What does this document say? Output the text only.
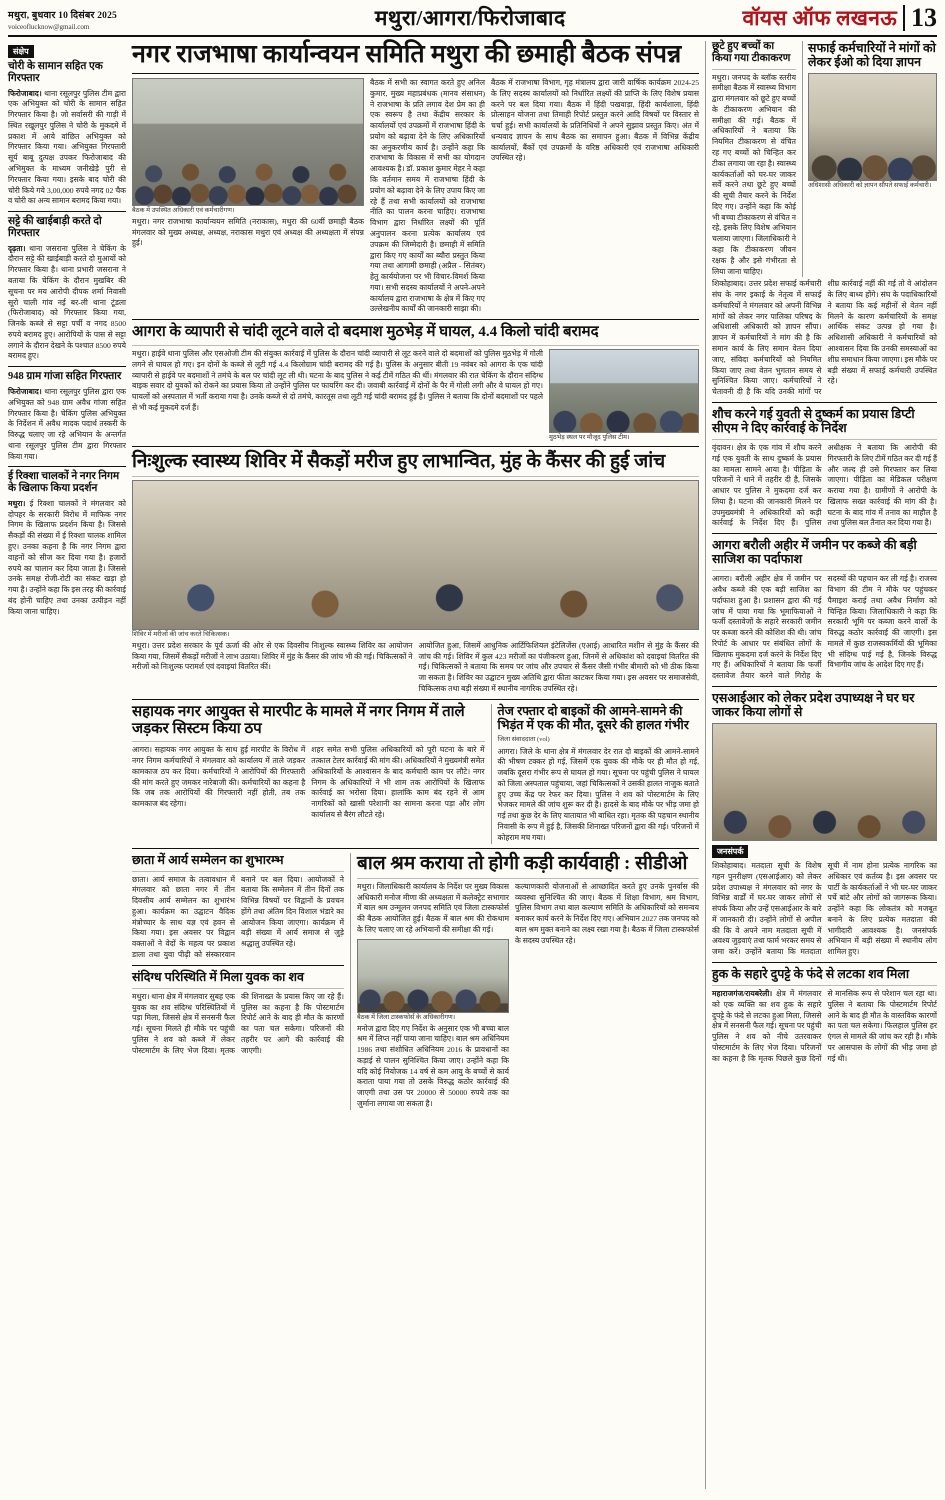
मथुरा, बुधवार 10 दिसंबर 2025
voiceoflucknow@gmail.com	मथुरा/आगरा/फिरोजाबाद	वॉयस ऑफ लखनऊ 13
संक्षेप
चोरी के सामान सहित एक गिरफ्तार
फिरोजाबाद। थाना रसूलपुर पुलिस टीम द्वारा एक अभियुक्त को चोरी के सामान सहित गिरफ्तार किया है। जो सर्वासरी की गाड़ी में स्थित रखूलपुर पुलिस ने चोरी के मुकदमे में प्रकाश में आये वांछित अभियुक्त को गिरफ्तार किया गया। अभियुक्त गिरफ्तारी सूर्य बाबू दुत्पक्ष उपकर फिरोजाबाद की अभिमुक्त के माध्यम जनीखेड़े पुरी से गिरफ्तार किया गया। इसके बाद चोरी की चोरी किये गये 3,00,000 रुपये नगद 02 चैक व चोरी का अन्य सामान बरामद किया गया।
सट्टे की खाईबाड़ी करते दो गिरफ्तार
दृढ़ता। थाना जसराना पुलिस ने चेकिंग के दौरान सट्टे की खाईबाड़ी करते दो मुआयों को गिरफ्तार किया है। थाना प्रभारी जसराना ने बताया कि चेकिंग के दौरान मुखबिर की सूचना पर मय आरोपी दीपक शर्मा निवासी सूरो चाली गांव नई बर-ली थाना टूंडला (फिरोजाबाद) को गिरफ्तार किया गया, जिनके कब्जे से सट्टा पर्ची व नगद 8500 रुपये बरामद हुए। आरोपियों के पास से सट्टा लगाने के दौरान देखने के पश्चात 8500 रुपये बरामद हुए।
948 ग्राम गांजा सहित गिरफ्तार
फिरोजाबाद। थाना रसूलपुर पुलिस द्वारा एक अभियुक्त को 948 ग्राम अवैध गांजा सहित गिरफ्तार किया है। चेकिंग पुलिस अभियुक्त के निर्देशन में अवैध मादक पदार्थ तस्करी के विरुद्ध चलाए जा रहे अभियान के अन्तर्गत थाना रसूलपुर पुलिस टीम द्वारा गिरफ्तार किया गया।
ई रिक्शा चालकों ने नगर निगम के खिलाफ किया प्रदर्शन
मथुरा। ई रिक्शा चालकों ने मंगलवार को दोपहर के सरकारी विरोध में माफिक नगर निगम के खिलाफ प्रदर्शन किया है। जिससे सैकड़ों की संख्या में ई रिक्शा चालक शामिल हुए। उनका कहना है कि नगर निगम द्वारा वाहनों को सीज कर दिया गया है। हजारों रुपये का चालान कर दिया जाता है। जिससे उनके समक्ष रोजी-रोटी का संकट खड़ा हो गया है। उन्होंने कहा कि इस तरह की कार्रवाई बंद होनी चाहिए तथा उनका उत्पीड़न नहीं किया जाना चाहिए।
नगर राजभाषा कार्यान्वयन समिति मथुरा की छमाही बैठक संपन्न
बैठक में उपस्थित अधिकारी एवं कर्मचारीगण।
मथुरा। नगर राजभाषा कार्यान्वयन समिति (नराकास), मथुरा की 60वीं छमाही बैठक मंगलवार को मुख्य अध्यक्ष, अध्यक्ष, नराकास मथुरा एवं अध्यक्ष की अध्यक्षता में संपन्न हुई।
बैठक में सभी का स्वागत करते हुए अनिल कुमार, मुख्य महाप्रबंधक (मानव संसाधन) ने राजभाषा के प्रति लगाव देश प्रेम का ही एक स्वरूप है तथा केंद्रीय सरकार के कार्यालयों एवं उपक्रमों में राजभाषा हिंदी के प्रयोग को बढ़ावा देने के लिए अधिकारियों का अनुकरणीय कार्य है। उन्होंने कहा कि राजभाषा के विकास में सभी का योगदान आवश्यक है। डॉ. प्रकाश कुमार मेहर ने कहा कि वर्तमान समय में राजभाषा हिंदी के प्रयोग को बढ़ावा देने के लिए उपाय किए जा रहे हैं तथा सभी कार्यालयों को राजभाषा नीति का पालन करना चाहिए। राजभाषा विभाग द्वारा निर्धारित लक्ष्यों की पूर्ति अनुपालन करना प्रत्येक कार्यालय एवं उपक्रम की जिम्मेदारी है। छमाही में समिति द्वारा किए गए कार्यों का ब्यौरा प्रस्तुत किया गया तथा आगामी छमाही (अप्रैल - सितंबर) हेतु कार्ययोजना पर भी विचार-विमर्श किया गया। सभी सदस्य कार्यालयों ने अपने-अपने कार्यालय द्वारा राजभाषा के क्षेत्र में किए गए उल्लेखनीय कार्यों की जानकारी साझा की।
बैठक में राजभाषा विभाग, गृह मंत्रालय द्वारा जारी वार्षिक कार्यक्रम 2024-25 के लिए सदस्य कार्यालयों को निर्धारित लक्ष्यों की प्राप्ति के लिए विशेष प्रयास करने पर बल दिया गया। बैठक में हिंदी पखवाड़ा, हिंदी कार्यशाला, हिंदी प्रोत्साहन योजना तथा तिमाही रिपोर्ट प्रस्तुत करने आदि विषयों पर विस्तार से चर्चा हुई। सभी कार्यालयों के प्रतिनिधियों ने अपने सुझाव प्रस्तुत किए। अंत में धन्यवाद ज्ञापन के साथ बैठक का समापन हुआ। बैठक में विभिन्न केंद्रीय कार्यालयों, बैंकों एवं उपक्रमों के वरिष्ठ अधिकारी एवं राजभाषा अधिकारी उपस्थित रहे।
आगरा के व्यापारी से चांदी लूटने वाले दो बदमाश मुठभेड़ में घायल, 4.4 किलो चांदी बरामद
मथुरा। हाईवे थाना पुलिस और एसओजी टीम की संयुक्त कार्रवाई में पुलिस के दौरान चांदी व्यापारी से लूट करने वाले दो बदमाशों को पुलिस मुठभेड़ में गोली लगने से घायल हो गए। इन दोनों के कब्जे से लूटी गई 4.4 किलोग्राम चांदी बरामद की गई है। पुलिस के अनुसार बीती 19 नवंबर को आगरा के एक चांदी व्यापारी से हाईवे पर बदमाशों ने तमंचे के बल पर चांदी लूट ली थी। घटना के बाद पुलिस ने कई टीमें गठित की थीं। मंगलवार की रात चेकिंग के दौरान संदिग्ध बाइक सवार दो युवकों को रोकने का प्रयास किया तो उन्होंने पुलिस पर फायरिंग कर दी। जवाबी कार्रवाई में दोनों के पैर में गोली लगी और वे घायल हो गए। घायलों को अस्पताल में भर्ती कराया गया है। उनके कब्जे से दो तमंचे, कारतूस तथा लूटी गई चांदी बरामद हुई है। पुलिस ने बताया कि दोनों बदमाशों पर पहले से भी कई मुकदमे दर्ज हैं।
मुठभेड़ स्थल पर मौजूद पुलिस टीम।
निःशुल्क स्वास्थ्य शिविर में सैकड़ों मरीज हुए लाभान्वित, मुंह के कैंसर की हुई जांच
शिविर में मरीजों की जांच करते चिकित्सक।
मथुरा। उत्तर प्रदेश सरकार के पूर्व ऊर्जा की ओर से एक दिवसीय निःशुल्क स्वास्थ्य शिविर का आयोजन किया गया, जिसमें सैकड़ों मरीजों ने लाभ उठाया। शिविर में मुंह के कैंसर की जांच भी की गई। चिकित्सकों ने मरीजों को निःशुल्क परामर्श एवं दवाइयां वितरित कीं।
आयोजित हुआ, जिसमें आधुनिक आर्टिफिशियल इंटेलिजेंस (एआई) आधारित मशीन से मुंह के कैंसर की जांच की गई। शिविर में कुल 423 मरीजों का पंजीकरण हुआ, जिनमें से अधिकांश को दवाइयां वितरित की गईं। चिकित्सकों ने बताया कि समय पर जांच और उपचार से कैंसर जैसी गंभीर बीमारी को भी ठीक किया जा सकता है। शिविर का उद्घाटन मुख्य अतिथि द्वारा फीता काटकर किया गया। इस अवसर पर समाजसेवी, चिकित्सक तथा बड़ी संख्या में स्थानीय नागरिक उपस्थित रहे।
सहायक नगर आयुक्त से मारपीट के मामले में नगर निगम में ताले जड़कर सिस्टम किया ठप
आगरा। सहायक नगर आयुक्त के साथ हुई मारपीट के विरोध में नगर निगम कर्मचारियों ने मंगलवार को कार्यालय में ताले जड़कर कामकाज ठप कर दिया। कर्मचारियों ने आरोपियों की गिरफ्तारी की मांग करते हुए जमकर नारेबाजी की। कर्मचारियों का कहना है कि जब तक आरोपियों की गिरफ्तारी नहीं होती, तब तक कामकाज बंद रहेगा।
शहर समेत सभी पुलिस अधिकारियों को पूरी घटना के बारे में तत्काल टेलर कार्रवाई की मांग की। अधिकारियों ने मुख्यमंत्री समेत अधिकारियों के आश्वासन के बाद कर्मचारी काम पर लौटे। नगर निगम के अधिकारियों ने भी शाम तक आरोपियों के खिलाफ कार्रवाई का भरोसा दिया। हालांकि काम बंद रहने से आम नागरिकों को खासी परेशानी का सामना करना पड़ा और लोग कार्यालय से बैरंग लौटते रहे।
तेज रफ्तार दो बाइकों की आमने-सामने की भिड़ंत में एक की मौत, दूसरे की हालत गंभीर
जिला संवाददाता (vol)
आगरा। जिले के थाना क्षेत्र में मंगलवार देर रात दो बाइकों की आमने-सामने की भीषण टक्कर हो गई, जिसमें एक युवक की मौके पर ही मौत हो गई, जबकि दूसरा गंभीर रूप से घायल हो गया। सूचना पर पहुंची पुलिस ने घायल को जिला अस्पताल पहुंचाया, जहां चिकित्सकों ने उसकी हालत नाजुक बताते हुए उच्च केंद्र पर रेफर कर दिया। पुलिस ने शव को पोस्टमार्टम के लिए भेजकर मामले की जांच शुरू कर दी है। हादसे के बाद मौके पर भीड़ जमा हो गई तथा कुछ देर के लिए यातायात भी बाधित रहा। मृतक की पहचान स्थानीय निवासी के रूप में हुई है, जिसकी शिनाख्त परिजनों द्वारा की गई। परिजनों में कोहराम मच गया।
छाता में आर्य सम्मेलन का शुभारम्भ
छाता। आर्य समाज के तत्वावधान में मंगलवार को छाता नगर में तीन दिवसीय आर्य सम्मेलन का शुभारंभ हुआ। कार्यक्रम का उद्घाटन वैदिक मंत्रोच्चार के साथ यज्ञ एवं हवन से किया गया। इस अवसर पर विद्वान वक्ताओं ने वेदों के महत्व पर प्रकाश डाला तथा युवा पीढ़ी को संस्कारवान बनाने पर बल दिया। आयोजकों ने बताया कि सम्मेलन में तीन दिनों तक विभिन्न विषयों पर विद्वानों के प्रवचन होंगे तथा अंतिम दिन विशाल भंडारे का आयोजन किया जाएगा। कार्यक्रम में बड़ी संख्या में आर्य समाज से जुड़े श्रद्धालु उपस्थित रहे।
संदिग्ध परिस्थिति में मिला युवक का शव
मथुरा। थाना क्षेत्र में मंगलवार सुबह एक युवक का शव संदिग्ध परिस्थितियों में पड़ा मिला, जिससे क्षेत्र में सनसनी फैल गई। सूचना मिलते ही मौके पर पहुंची पुलिस ने शव को कब्जे में लेकर पोस्टमार्टम के लिए भेज दिया। मृतक की शिनाख्त के प्रयास किए जा रहे हैं। पुलिस का कहना है कि पोस्टमार्टम रिपोर्ट आने के बाद ही मौत के कारणों का पता चल सकेगा। परिजनों की तहरीर पर आगे की कार्रवाई की जाएगी।
बाल श्रम कराया तो होगी कड़ी कार्यवाही : सीडीओ
मथुरा। जिलाधिकारी कार्यालय के निर्देश पर मुख्य विकास अधिकारी मनोज मीणा की अध्यक्षता में कलेक्ट्रेट सभागार में बाल श्रम उन्मूलन जनपद समिति एवं जिला टास्कफोर्स की बैठक आयोजित हुई। बैठक में बाल श्रम की रोकथाम के लिए चलाए जा रहे अभियानों की समीक्षा की गई।
बैठक में जिला टास्कफोर्स के अधिकारीगण।
मनोज द्वारा दिए गए निर्देश के अनुसार एक भी बच्चा बाल श्रम में लिप्त नहीं पाया जाना चाहिए। बाल श्रम अधिनियम 1986 तथा संशोधित अधिनियम 2016 के प्रावधानों का कड़ाई से पालन सुनिश्चित किया जाए। उन्होंने कहा कि यदि कोई नियोजक 14 वर्ष से कम आयु के बच्चों से कार्य कराता पाया गया तो उसके विरुद्ध कठोर कार्रवाई की जाएगी तथा उस पर 20000 से 50000 रुपये तक का जुर्माना लगाया जा सकता है।
कल्याणकारी योजनाओं से आच्छादित करते हुए उनके पुनर्वास की व्यवस्था सुनिश्चित की जाए। बैठक में शिक्षा विभाग, श्रम विभाग, पुलिस विभाग तथा बाल कल्याण समिति के अधिकारियों को समन्वय बनाकर कार्य करने के निर्देश दिए गए। अभियान 2027 तक जनपद को बाल श्रम मुक्त बनाने का लक्ष्य रखा गया है। बैठक में जिला टास्कफोर्स के सदस्य उपस्थित रहे।
छूटे हुए बच्चों का किया गया टीकाकरण
मथुरा। जनपद के ब्लॉक स्तरीय समीक्षा बैठक में स्वास्थ्य विभाग द्वारा मंगलवार को छूटे हुए बच्चों के टीकाकरण अभियान की समीक्षा की गई। बैठक में अधिकारियों ने बताया कि नियमित टीकाकरण से वंचित रह गए बच्चों को चिन्हित कर टीका लगाया जा रहा है। स्वास्थ्य कार्यकर्ताओं को घर-घर जाकर सर्वे करने तथा छूटे हुए बच्चों की सूची तैयार करने के निर्देश दिए गए। उन्होंने कहा कि कोई भी बच्चा टीकाकरण से वंचित न रहे, इसके लिए विशेष अभियान चलाया जाएगा। जिलाधिकारी ने कहा कि टीकाकरण जीवन रक्षक है और इसे गंभीरता से लिया जाना चाहिए।
सफाई कर्मचारियों ने मांगों को लेकर ईओ को दिया ज्ञापन
अधिशासी अधिकारी को ज्ञापन सौंपते सफाई कर्मचारी।
शिकोहाबाद। उत्तर प्रदेश सफाई कर्मचारी संघ के नगर इकाई के नेतृत्व में सफाई कर्मचारियों ने मंगलवार को अपनी विभिन्न मांगों को लेकर नगर पालिका परिषद के अधिशासी अधिकारी को ज्ञापन सौंपा। ज्ञापन में कर्मचारियों ने मांग की है कि समान कार्य के लिए समान वेतन दिया जाए, संविदा कर्मचारियों को नियमित किया जाए तथा वेतन भुगतान समय से सुनिश्चित किया जाए। कर्मचारियों ने चेतावनी दी है कि यदि उनकी मांगों पर शीघ्र कार्रवाई नहीं की गई तो वे आंदोलन के लिए बाध्य होंगे। संघ के पदाधिकारियों ने बताया कि कई महीनों से वेतन नहीं मिलने के कारण कर्मचारियों के समक्ष आर्थिक संकट उत्पन्न हो गया है। अधिशासी अधिकारी ने कर्मचारियों को आश्वासन दिया कि उनकी समस्याओं का शीघ्र समाधान किया जाएगा। इस मौके पर बड़ी संख्या में सफाई कर्मचारी उपस्थित रहे।
शौच करने गई युवती से दुष्कर्म का प्रयास डिप्टी सीएम ने दिए कार्रवाई के निर्देश
वृंदावन। क्षेत्र के एक गांव में शौच करने गई एक युवती के साथ दुष्कर्म के प्रयास का मामला सामने आया है। पीड़िता के परिजनों ने थाने में तहरीर दी है, जिसके आधार पर पुलिस ने मुकदमा दर्ज कर लिया है। घटना की जानकारी मिलने पर उपमुख्यमंत्री ने अधिकारियों को कड़ी कार्रवाई के निर्देश दिए हैं। पुलिस अधीक्षक ने बताया कि आरोपी की गिरफ्तारी के लिए टीमें गठित कर दी गई हैं और जल्द ही उसे गिरफ्तार कर लिया जाएगा। पीड़िता का मेडिकल परीक्षण कराया गया है। ग्रामीणों ने आरोपी के खिलाफ सख्त कार्रवाई की मांग की है। घटना के बाद गांव में तनाव का माहौल है तथा पुलिस बल तैनात कर दिया गया है।
आगरा बरौली अहीर में जमीन पर कब्जे की बड़ी साजिश का पर्दाफाश
आगरा। बरौली अहीर क्षेत्र में जमीन पर अवैध कब्जे की एक बड़ी साजिश का पर्दाफाश हुआ है। प्रशासन द्वारा की गई जांच में पाया गया कि भूमाफियाओं ने फर्जी दस्तावेजों के सहारे सरकारी जमीन पर कब्जा करने की कोशिश की थी। जांच रिपोर्ट के आधार पर संबंधित लोगों के खिलाफ मुकदमा दर्ज करने के निर्देश दिए गए हैं। अधिकारियों ने बताया कि फर्जी दस्तावेज तैयार करने वाले गिरोह के सदस्यों की पहचान कर ली गई है। राजस्व विभाग की टीम ने मौके पर पहुंचकर पैमाइश कराई तथा अवैध निर्माण को चिन्हित किया। जिलाधिकारी ने कहा कि सरकारी भूमि पर कब्जा करने वालों के विरुद्ध कठोर कार्रवाई की जाएगी। इस मामले में कुछ राजस्वकर्मियों की भूमिका भी संदिग्ध पाई गई है, जिनके विरुद्ध विभागीय जांच के आदेश दिए गए हैं।
एसआईआर को लेकर प्रदेश उपाध्यक्ष ने घर घर जाकर किया लोगों से
जनसंपर्क
शिकोहाबाद। मतदाता सूची के विशेष गहन पुनरीक्षण (एसआईआर) को लेकर प्रदेश उपाध्यक्ष ने मंगलवार को नगर के विभिन्न वार्डों में घर-घर जाकर लोगों से संपर्क किया और उन्हें एसआईआर के बारे में जानकारी दी। उन्होंने लोगों से अपील की कि वे अपने नाम मतदाता सूची में अवश्य जुड़वाएं तथा फार्म भरकर समय से जमा करें। उन्होंने बताया कि मतदाता सूची में नाम होना प्रत्येक नागरिक का अधिकार एवं कर्तव्य है। इस अवसर पर पार्टी के कार्यकर्ताओं ने भी घर-घर जाकर पर्चे बांटे और लोगों को जागरूक किया। उन्होंने कहा कि लोकतंत्र को मजबूत बनाने के लिए प्रत्येक मतदाता की भागीदारी आवश्यक है। जनसंपर्क अभियान में बड़ी संख्या में स्थानीय लोग शामिल हुए।
हुक के सहारे दुपट्टे के फंदे से लटका शव मिला
महाराजगंज/रायबरेली। क्षेत्र में मंगलवार को एक व्यक्ति का शव हुक के सहारे दुपट्टे के फंदे से लटका हुआ मिला, जिससे क्षेत्र में सनसनी फैल गई। सूचना पर पहुंची पुलिस ने शव को नीचे उतरवाकर पोस्टमार्टम के लिए भेज दिया। परिजनों का कहना है कि मृतक पिछले कुछ दिनों से मानसिक रूप से परेशान चल रहा था। पुलिस ने बताया कि पोस्टमार्टम रिपोर्ट आने के बाद ही मौत के वास्तविक कारणों का पता चल सकेगा। फिलहाल पुलिस हर एंगल से मामले की जांच कर रही है। मौके पर आसपास के लोगों की भीड़ जमा हो गई थी।
